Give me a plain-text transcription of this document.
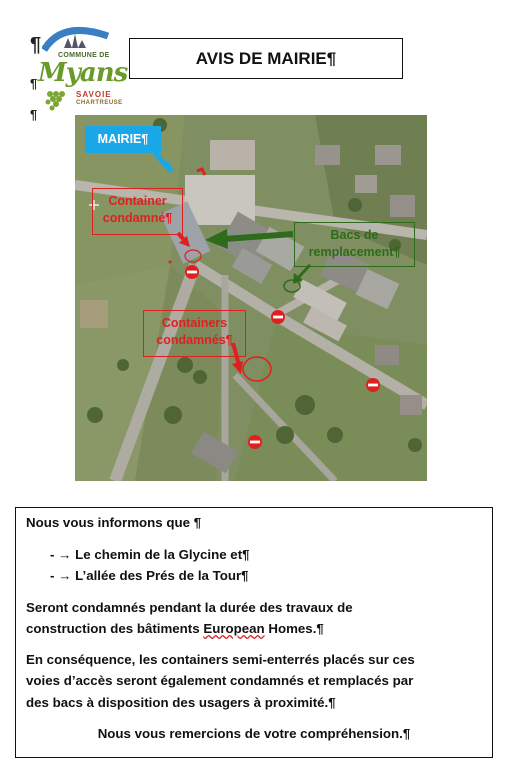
¶
¶
¶
COMMUNE DE
Myans
SAVOIE
CHARTREUSE
AVIS DE MAIRIE¶
MAIRIE¶
Container
condamné¶
Bacs de
remplacement¶
Containers
condamnés¶

Nous vous informons que ¶

- → Le chemin de la Glycine et¶

- → L’allée des Prés de la Tour¶

Seront condamnés pendant la durée des travaux de
construction des bâtiments European Homes.¶

En conséquence, les containers semi-enterrés placés sur ces
voies d’accès seront également condamnés et remplacés par
des bacs à disposition des usagers à proximité.¶

Nous vous remercions de votre compréhension.¶
